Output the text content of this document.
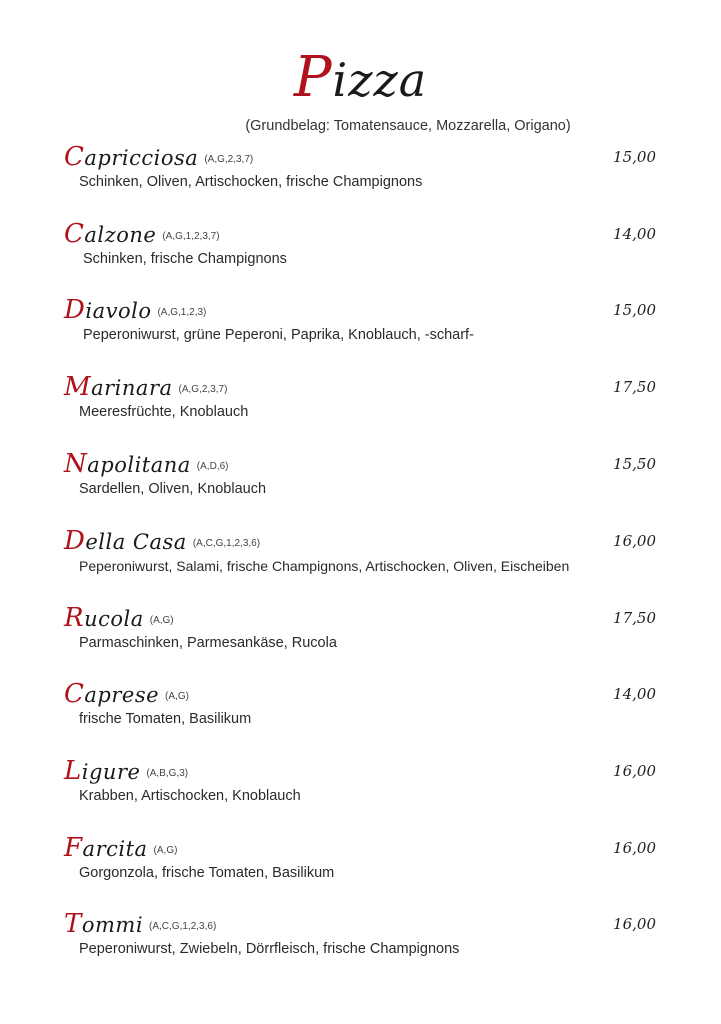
Pizza
(Grundbelag: Tomatensauce, Mozzarella, Origano)
Capricciosa (A,G,2,3,7)	15,00
Schinken, Oliven, Artischocken, frische Champignons
Calzone (A,G,1,2,3,7)	14,00
Schinken, frische Champignons
Diavolo (A,G,1,2,3)	15,00
Peperoniwurst, grüne Peperoni, Paprika, Knoblauch, -scharf-
Marinara (A,G,2,3,7)	17,50
Meeresfrüchte, Knoblauch
Napolitana (A,D,6)	15,50
Sardellen, Oliven, Knoblauch
Della Casa (A,C,G,1,2,3,6)	16,00
Peperoniwurst, Salami, frische Champignons, Artischocken, Oliven, Eischeiben
Rucola (A,G)	17,50
Parmaschinken, Parmesankäse, Rucola
Caprese (A,G)	14,00
frische Tomaten, Basilikum
Ligure (A,B,G,3)	16,00
Krabben, Artischocken, Knoblauch
Farcita (A,G)	16,00
Gorgonzola, frische Tomaten, Basilikum
Tommi (A,C,G,1,2,3,6)	16,00
Peperoniwurst, Zwiebeln, Dörrfleisch, frische Champignons
